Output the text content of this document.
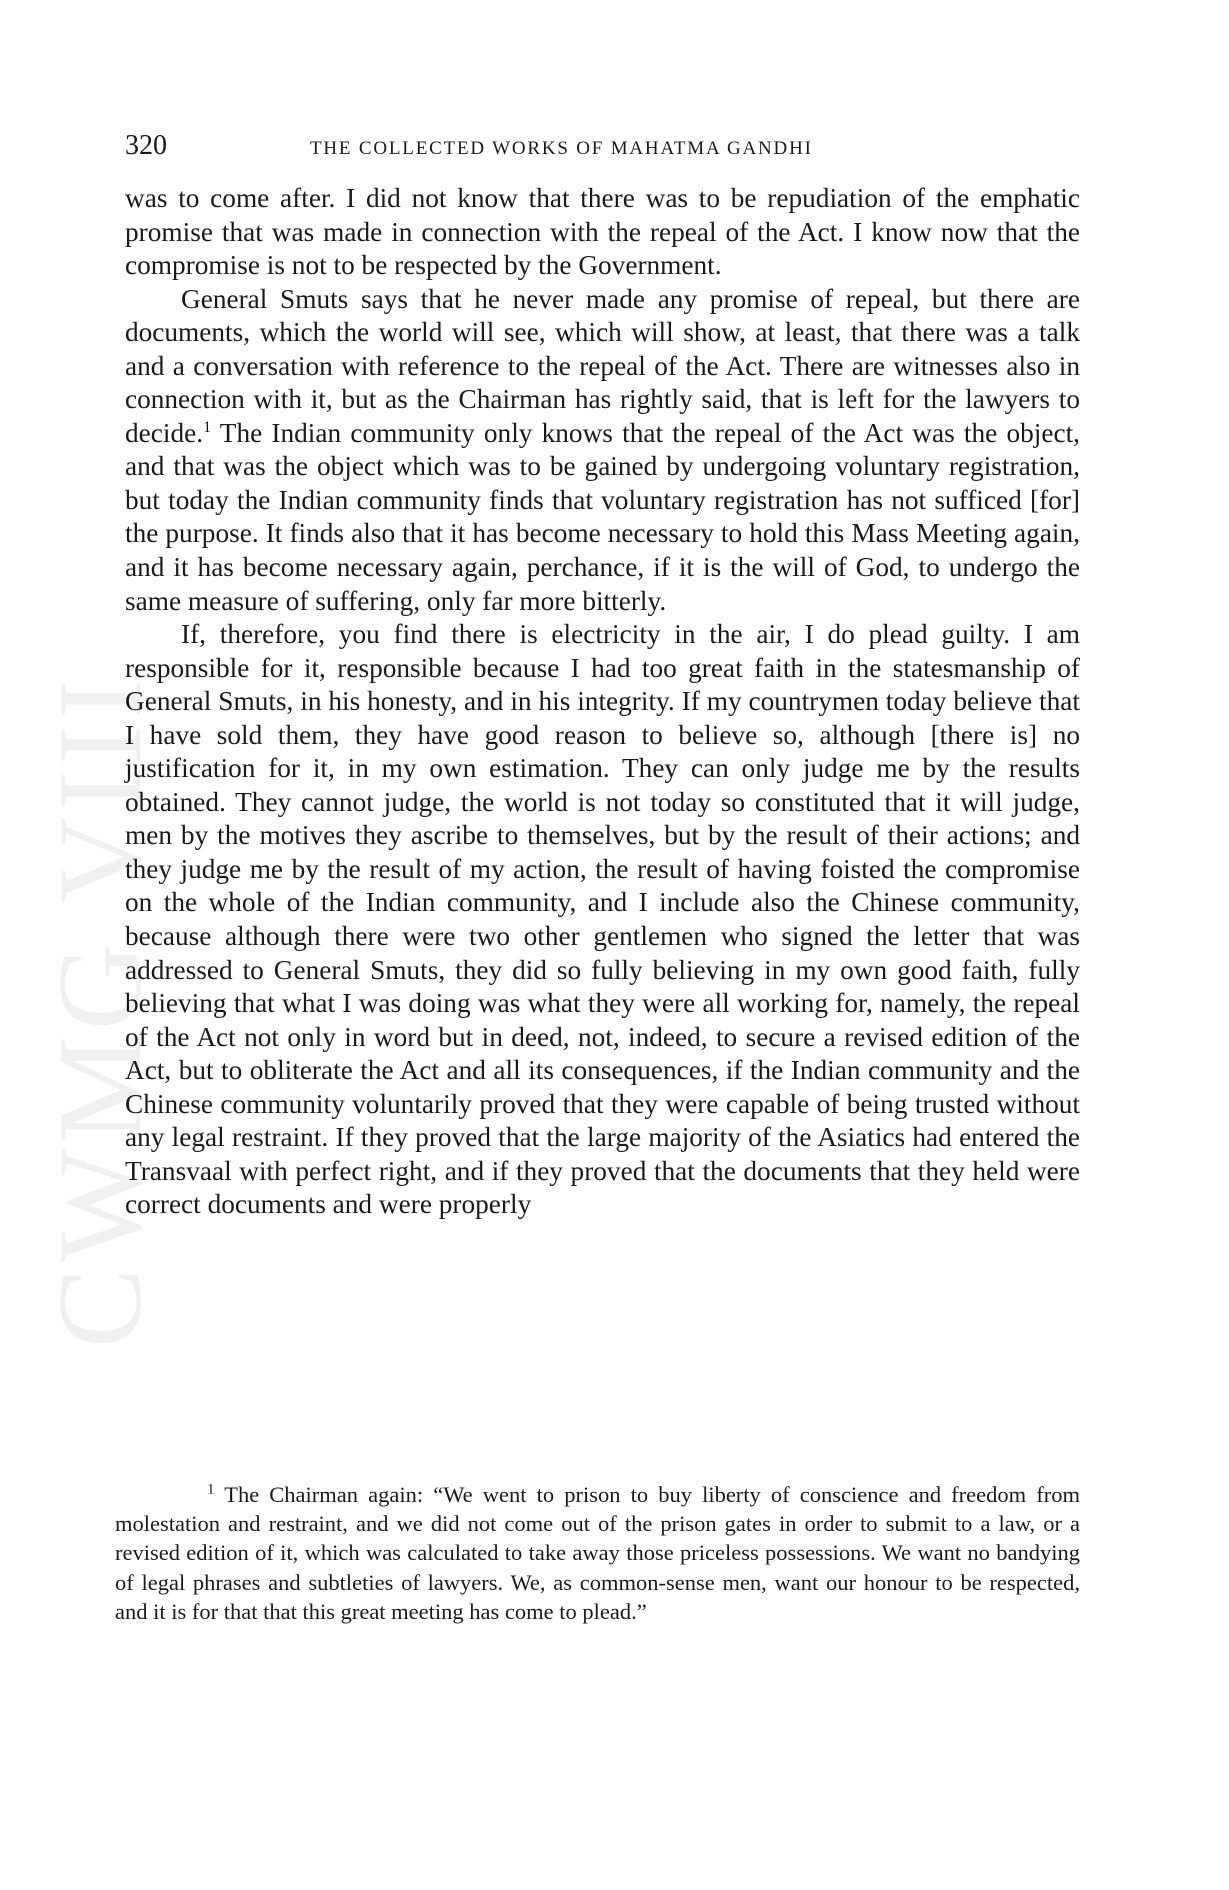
CWMG VIII
320	THE COLLECTED WORKS OF MAHATMA GANDHI

was to come after. I did not know that there was to be repudiation of the emphatic promise that was made in connection with the repeal of the Act. I know now that the compromise is not to be respected by the Government.

General Smuts says that he never made any promise of repeal, but there are documents, which the world will see, which will show, at least, that there was a talk and a conversation with reference to the repeal of the Act. There are witnesses also in connection with it, but as the Chairman has rightly said, that is left for the lawyers to decide.$^1$ The Indian community only knows that the repeal of the Act was the object, and that was the object which was to be gained by undergoing voluntary registration, but today the Indian community finds that voluntary registration has not sufficed [for] the purpose. It finds also that it has become necessary to hold this Mass Meeting again, and it has become necessary again, perchance, if it is the will of God, to undergo the same measure of suffering, only far more bitterly.

If, therefore, you find there is electricity in the air, I do plead guilty. I am responsible for it, responsible because I had too great faith in the statesmanship of General Smuts, in his honesty, and in his integrity. If my countrymen today believe that I have sold them, they have good reason to believe so, although [there is] no justification for it, in my own estimation. They can only judge me by the results obtained. They cannot judge, the world is not today so constituted that it will judge, men by the motives they ascribe to themselves, but by the result of their actions; and they judge me by the result of my action, the result of having foisted the compromise on the whole of the Indian community, and I include also the Chinese community, because although there were two other gentlemen who signed the letter that was addressed to General Smuts, they did so fully believing in my own good faith, fully believing that what I was doing was what they were all working for, namely, the repeal of the Act not only in word but in deed, not, indeed, to secure a revised edition of the Act, but to obliterate the Act and all its consequences, if the Indian community and the Chinese community voluntarily proved that they were capable of being trusted without any legal restraint. If they proved that the large majority of the Asiatics had entered the Transvaal with perfect right, and if they proved that the documents that they held were correct documents and were properly

$^1$ The Chairman again: “We went to prison to buy liberty of conscience and freedom from molestation and restraint, and we did not come out of the prison gates in order to submit to a law, or a revised edition of it, which was calculated to take away those priceless possessions. We want no bandying of legal phrases and subtleties of lawyers. We, as common-sense men, want our honour to be respected, and it is for that that this great meeting has come to plead.”
